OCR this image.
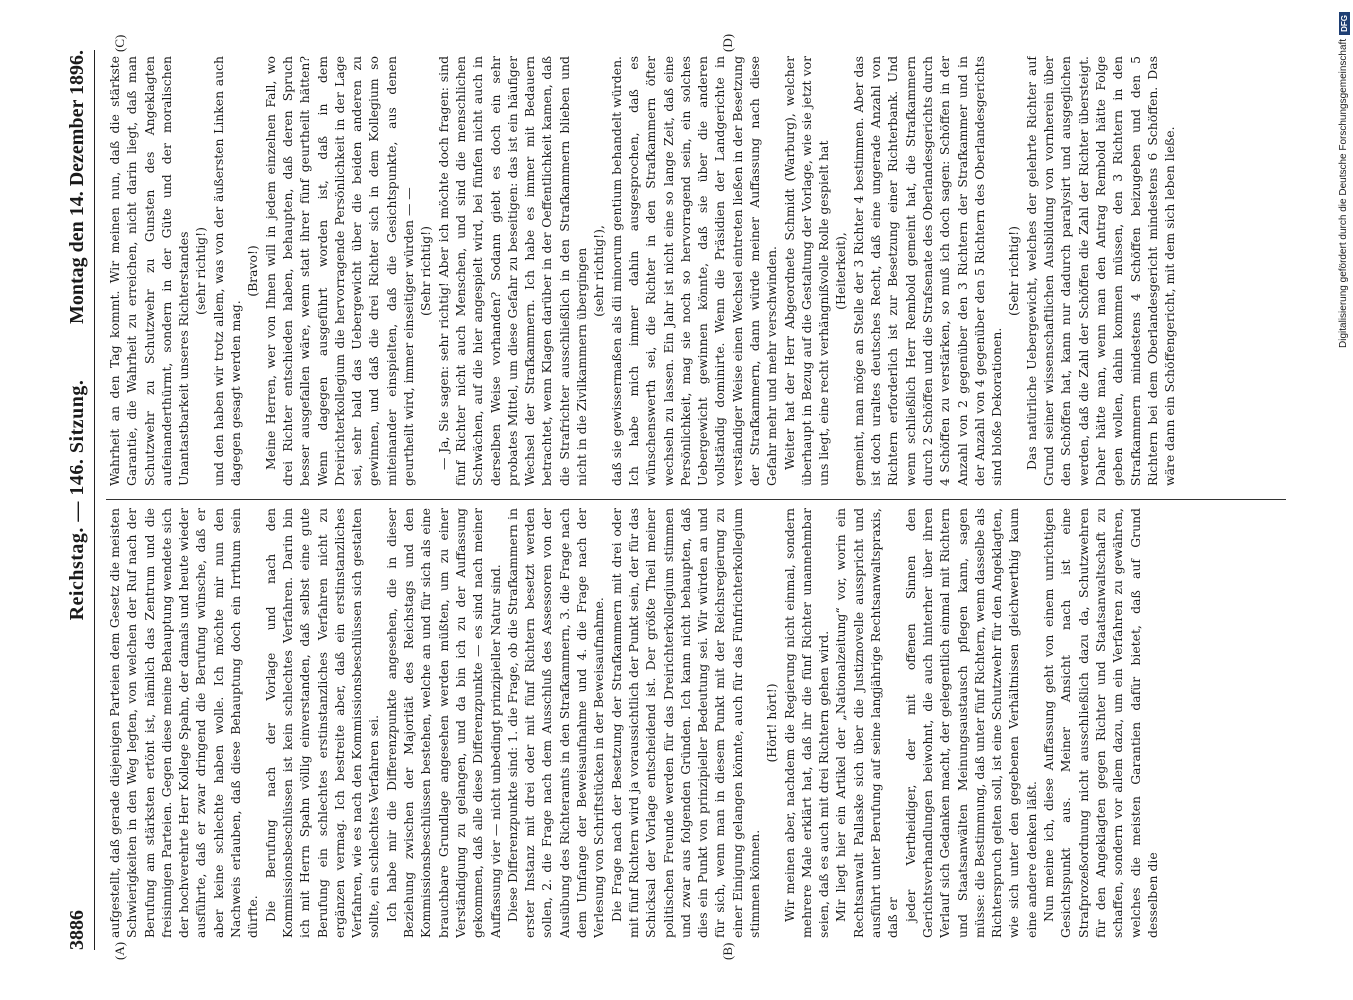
3886
Reichstag. — 146. Sitzung.
Montag den 14. Dezember 1896.
(A)	(B)
(C)	(D)

aufgestellt, daß gerade diejenigen Parteien dem Gesetz die meisten Schwierigkeiten in den Weg legten, von welchen der Ruf nach der Berufung am stärksten ertönt ist, nämlich das Zentrum und die freisinnigen Parteien. Gegen diese meine Behauptung wendete sich der hochverehrte Herr Kollege Spahn, der damals und heute wieder ausführte, daß er zwar dringend die Berufung wünsche, daß er aber keine schlechte haben wolle. Ich möchte mir nun den Nachweis erlauben, daß diese Behauptung doch ein Irrthum sein dürfte. Die Berufung nach der Vorlage und nach den Kommissionsbeschlüssen ist kein schlechtes Verfahren. Darin bin ich mit Herrn Spahn völlig einverstanden, daß selbst eine gute Berufung ein schlechtes erstinstanzliches Verfahren nicht zu ergänzen vermag. Ich bestreite aber, daß ein erstinstanzliches Verfahren, wie es nach den Kommissionsbeschlüssen sich gestalten sollte, ein schlechtes Verfahren sei. Ich habe mir die Differenzpunkte angesehen, die in dieser Beziehung zwischen der Majorität des Reichstags und den Kommissionsbeschlüssen bestehen, welche an und für sich als eine brauchbare Grundlage angesehen werden müßten, um zu einer Verständigung zu gelangen, und da bin ich zu der Auffassung gekommen, daß alle diese Differenzpunkte — es sind nach meiner Auffassung vier — nicht unbedingt prinzipieller Natur sind. Diese Differenzpunkte sind: 1. die Frage, ob die Strafkammern in erster Instanz mit drei oder mit fünf Richtern besetzt werden sollen, 2. die Frage nach dem Ausschluß des Assessoren von der Ausübung des Richteramts in den Strafkammern, 3. die Frage nach dem Umfange der Beweisaufnahme und 4. die Frage nach der Verlesung von Schriftstücken in der Beweisaufnahme. Die Frage nach der Besetzung der Strafkammern mit drei oder mit fünf Richtern wird ja voraussichtlich der Punkt sein, der für das Schicksal der Vorlage entscheidend ist. Der größte Theil meiner politischen Freunde werden für das Dreirichterkollegium stimmen und zwar aus folgenden Gründen. Ich kann nicht behaupten, daß dies ein Punkt von prinzipieller Bedeutung sei. Wir würden an und für sich, wenn man in diesem Punkt mit der Reichsregierung zu einer Einigung gelangen könnte, auch für das Fünfrichterkollegium stimmen können.

(Hört! hört!) Wir meinen aber, nachdem die Regierung nicht einmal, sondern mehrere Male erklärt hat, daß ihr die fünf Richter unannehmbar seien, daß es auch mit drei Richtern gehen wird. Mir liegt hier ein Artikel der „Nationalzeitung“ vor, worin ein Rechtsanwalt Pallaske sich über die Justiznovelle ausspricht und ausführt unter Berufung auf seine langjährige Rechtsanwaltspraxis, daß er jeder Vertheidiger, der mit offenen Sinnen den Gerichtsverhandlungen beiwohnt, die auch hinterher über ihren Verlauf sich Gedanken macht, der gelegentlich einmal mit Richtern und Staatsanwälten Meinungsaustausch pflegen kann, sagen müsse: die Bestimmung, daß unter fünf Richtern, wenn dasselbe als Richterspruch gelten soll, ist eine Schutzwehr für den Angeklagten, wie sich unter den gegebenen Verhältnissen gleichwerthig kaum eine andere denken läßt. Nun meine ich, diese Auffassung geht von einem unrichtigen Gesichtspunkt aus. Meiner Ansicht nach ist eine Strafprozeßordnung nicht ausschließlich dazu da, Schutzwehren für den Angeklagten gegen Richter und Staatsanwaltschaft zu schaffen, sondern vor allem dazu, um ein Verfahren zu gewähren, welches die meisten Garantien dafür bietet, daß auf Grund desselben die

Wahrheit an den Tag kommt. Wir meinen nun, daß die stärkste Garantie, die Wahrheit zu erreichen, nicht darin liegt, daß man Schutzwehr zu Schutzwehr zu Gunsten des Angeklagten aufeinanderthürmt, sondern in der Güte und der moralischen Unantastbarkeit unseres Richterstandes (sehr richtig!) und den haben wir trotz allem, was von der äußersten Linken auch dagegen gesagt werden mag.

(Bravo!) Meine Herren, wer von Ihnen will in jedem einzelnen Fall, wo drei Richter entschieden haben, behaupten, daß deren Spruch besser ausgefallen wäre, wenn statt ihrer fünf geurtheilt hätten? Wenn dagegen ausgeführt worden ist, daß in dem Dreirichterkollegium die hervorragende Persönlichkeit in der Lage sei, sehr bald das Uebergewicht über die beiden anderen zu gewinnen, und daß die drei Richter sich in dem Kollegium so miteinander einspielten, daß die Gesichtspunkte, aus denen geurtheilt wird, immer einseitiger würden — — (Sehr richtig!) — Ja, Sie sagen: sehr richtig! Aber ich möchte doch fragen: sind fünf Richter nicht auch Menschen, und sind die menschlichen Schwächen, auf die hier angespielt wird, bei fünfen nicht auch in derselben Weise vorhanden? Sodann giebt es doch ein sehr probates Mittel, um diese Gefahr zu beseitigen: das ist ein häufiger Wechsel der Strafkammern. Ich habe es immer mit Bedauern betrachtet, wenn Klagen darüber in der Oeffentlichkeit kamen, daß die Strafrichter ausschließlich in den Strafkammern blieben und nicht in die Zivilkammern übergingen (sehr richtig!), daß sie gewissermaßen als dii minorum gentium behandelt würden. Ich habe mich immer dahin ausgesprochen, daß es wünschenswerth sei, die Richter in den Strafkammern öfter wechseln zu lassen. Ein Jahr ist nicht eine so lange Zeit, daß eine Persönlichkeit, mag sie noch so hervorragend sein, ein solches Uebergewicht gewinnen könnte, daß sie über die anderen vollständig dominirte. Wenn die Präsidien der Landgerichte in verständiger Weise einen Wechsel eintreten ließen in der Besetzung der Strafkammern, dann würde meiner Auffassung nach diese Gefahr mehr und mehr verschwinden. Weiter hat der Herr Abgeordnete Schmidt (Warburg), welcher überhaupt in Bezug auf die Gestaltung der Vorlage, wie sie jetzt vor uns liegt, eine recht verhängnißvolle Rolle gespielt hat (Heiterkeit), gemeint, man möge an Stelle der 3 Richter 4 bestimmen. Aber das ist doch uraltes deutsches Recht, daß eine ungerade Anzahl von Richtern erforderlich ist zur Besetzung einer Richterbank. Und wenn schließlich Herr Rembold gemeint hat, die Strafkammern durch 2 Schöffen und die Strafsenate des Oberlandesgerichts durch 4 Schöffen zu verstärken, so muß ich doch sagen: Schöffen in der Anzahl von 2 gegenüber den 3 Richtern der Strafkammer und in der Anzahl von 4 gegenüber den 5 Richtern des Oberlandesgerichts sind bloße Dekorationen.

(Sehr richtig!) Das natürliche Uebergewicht, welches der gelehrte Richter auf Grund seiner wissenschaftlichen Ausbildung von vornherein über den Schöffen hat, kann nur dadurch paralysirt und ausgeglichen werden, daß die Zahl der Schöffen die Zahl der Richter übersteigt. Daher hätte man, wenn man den Antrag Rembold hätte Folge geben wollen, dahin kommen müssen, den 3 Richtern in den Strafkammern mindestens 4 Schöffen beizugeben und den 5 Richtern bei dem Oberlandesgericht mindestens 6 Schöffen. Das wäre dann ein Schöffengericht, mit dem sich leben ließe.	Digitalisierung gefördert durch die Deutsche Forschungsgemeinschaft
DFG
